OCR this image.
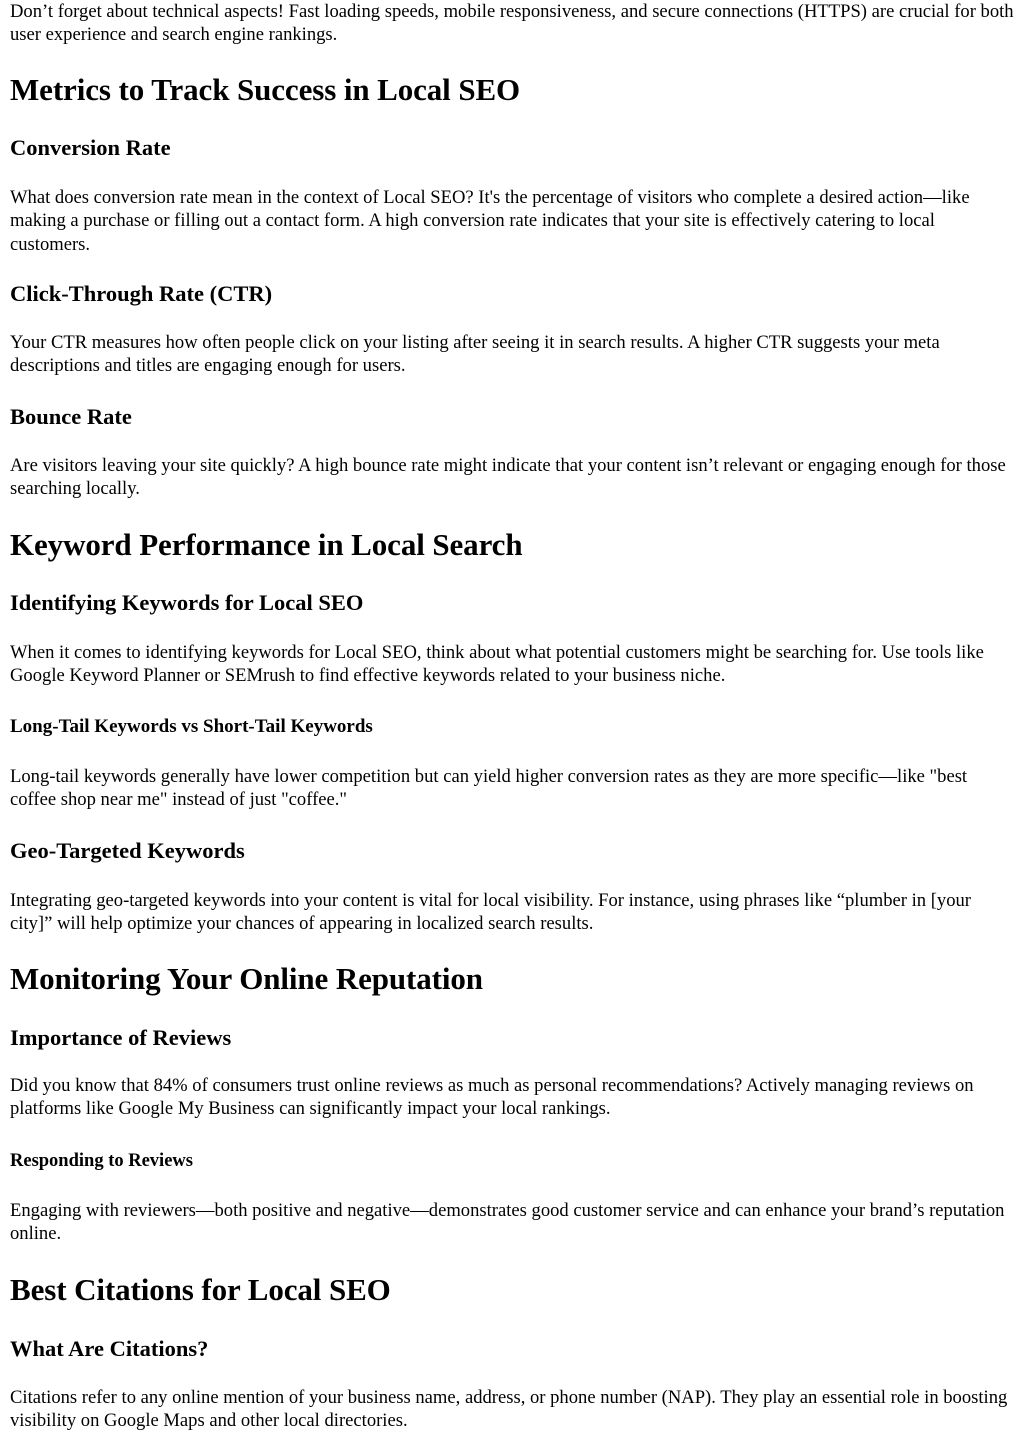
Don’t forget about technical aspects! Fast loading speeds, mobile responsiveness, and secure connections (HTTPS) are crucial for both user experience and search engine rankings.

Metrics to Track Success in Local SEO
Conversion Rate

What does conversion rate mean in the context of Local SEO? It's the percentage of visitors who complete a desired action—like making a purchase or filling out a contact form. A high conversion rate indicates that your site is effectively catering to local customers.

Click-Through Rate (CTR)

Your CTR measures how often people click on your listing after seeing it in search results. A higher CTR suggests your meta descriptions and titles are engaging enough for users.

Bounce Rate

Are visitors leaving your site quickly? A high bounce rate might indicate that your content isn’t relevant or engaging enough for those searching locally.

Keyword Performance in Local Search
Identifying Keywords for Local SEO

When it comes to identifying keywords for Local SEO, think about what potential customers might be searching for. Use tools like Google Keyword Planner or SEMrush to find effective keywords related to your business niche.

Long-Tail Keywords vs Short-Tail Keywords

Long-tail keywords generally have lower competition but can yield higher conversion rates as they are more specific—like "best coffee shop near me" instead of just "coffee."

Geo-Targeted Keywords

Integrating geo-targeted keywords into your content is vital for local visibility. For instance, using phrases like “plumber in [your city]” will help optimize your chances of appearing in localized search results.

Monitoring Your Online Reputation
Importance of Reviews

Did you know that 84% of consumers trust online reviews as much as personal recommendations? Actively managing reviews on platforms like Google My Business can significantly impact your local rankings.

Responding to Reviews

Engaging with reviewers—both positive and negative—demonstrates good customer service and can enhance your brand’s reputation online.

Best Citations for Local SEO
What Are Citations?

Citations refer to any online mention of your business name, address, or phone number (NAP). They play an essential role in boosting visibility on Google Maps and other local directories.
